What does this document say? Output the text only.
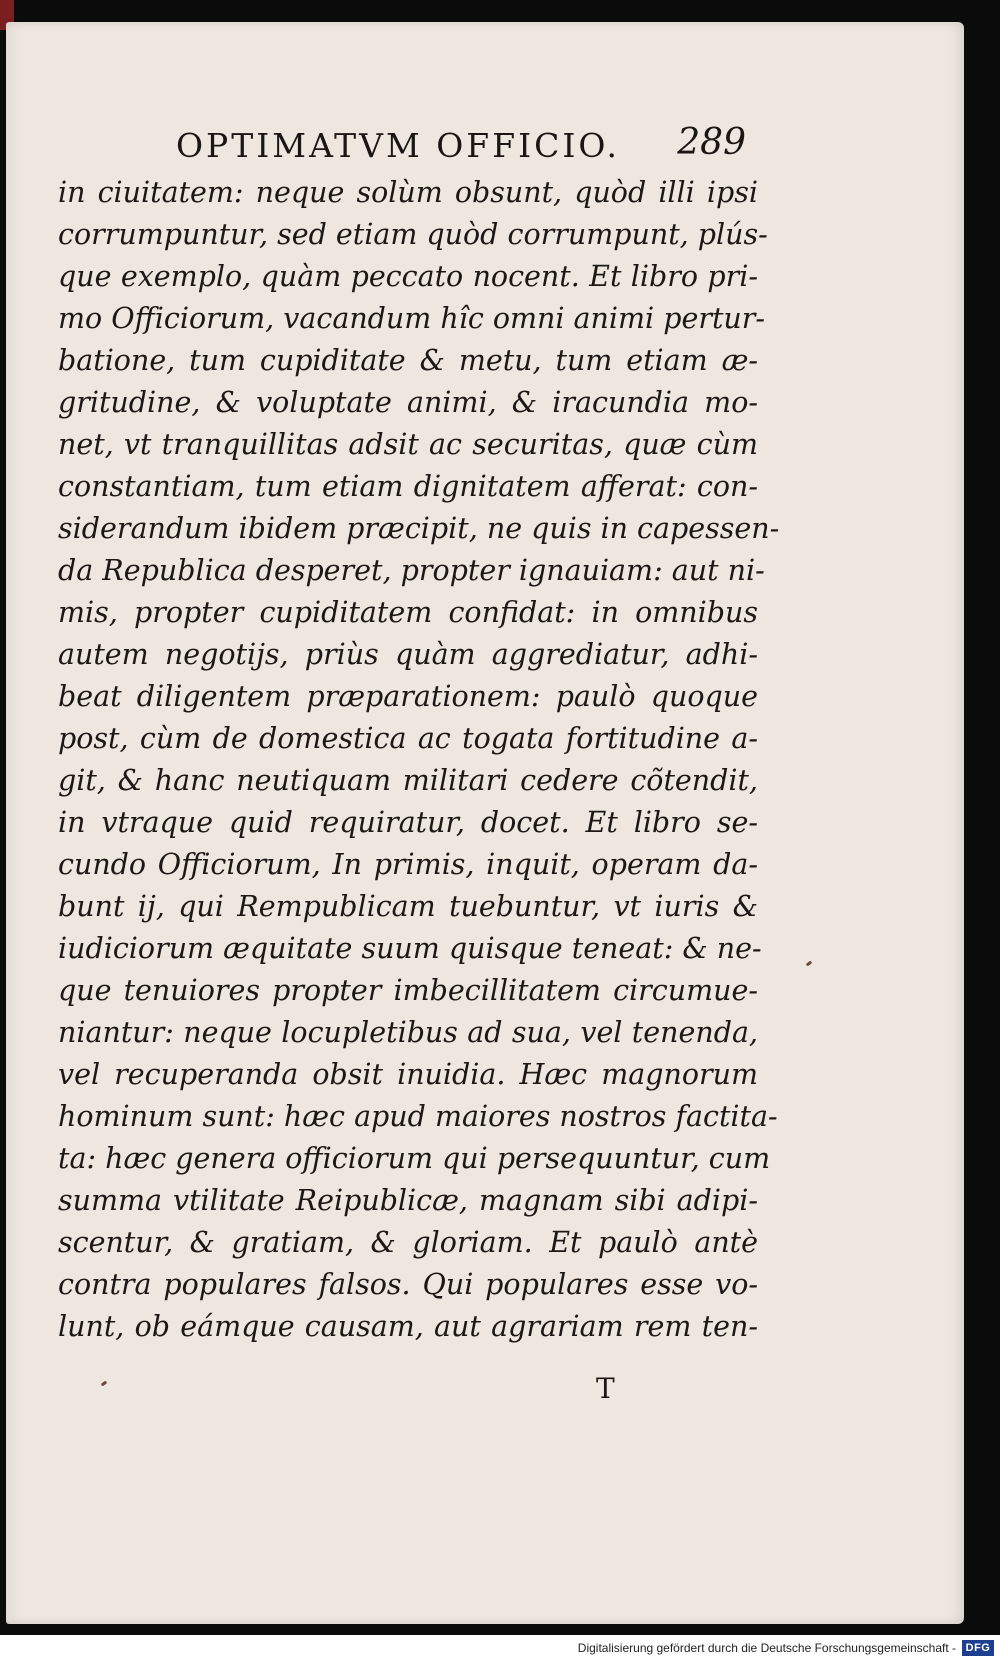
OPTIMATVM OFFICIO. 289
in ciuitatem: neque solùm obsunt, quòd illi ipsi
corrumpuntur, sed etiam quòd corrumpunt, plús-
que exemplo, quàm peccato nocent. Et libro pri-
mo Officiorum, vacandum hîc omni animi pertur-
batione, tum cupiditate & metu, tum etiam æ-
gritudine, & voluptate animi, & iracundia mo-
net, vt tranquillitas adsit ac securitas, quæ cùm
constantiam, tum etiam dignitatem afferat: con-
siderandum ibidem præcipit, ne quis in capessen-
da Republica desperet, propter ignauiam: aut ni-
mis, propter cupiditatem confidat: in omnibus
autem negotijs, priùs quàm aggrediatur, adhi-
beat diligentem præparationem: paulò quoque
post, cùm de domestica ac togata fortitudine a-
git, & hanc neutiquam militari cedere cõtendit,
in vtraque quid requiratur, docet. Et libro se-
cundo Officiorum, In primis, inquit, operam da-
bunt ij, qui Rempublicam tuebuntur, vt iuris &
iudiciorum æquitate suum quisque teneat: & ne-
que tenuiores propter imbecillitatem circumue-
niantur: neque locupletibus ad sua, vel tenenda,
vel recuperanda obsit inuidia. Hæc magnorum
hominum sunt: hæc apud maiores nostros factita-
ta: hæc genera officiorum qui persequuntur, cum
summa vtilitate Reipublicæ, magnam sibi adipi-
scentur, & gratiam, & gloriam. Et paulò antè
contra populares falsos. Qui populares esse vo-
lunt, ob eámque causam, aut agrariam rem ten-
T
Digitalisierung gefördert durch die Deutsche Forschungsgemeinschaft - DFG
